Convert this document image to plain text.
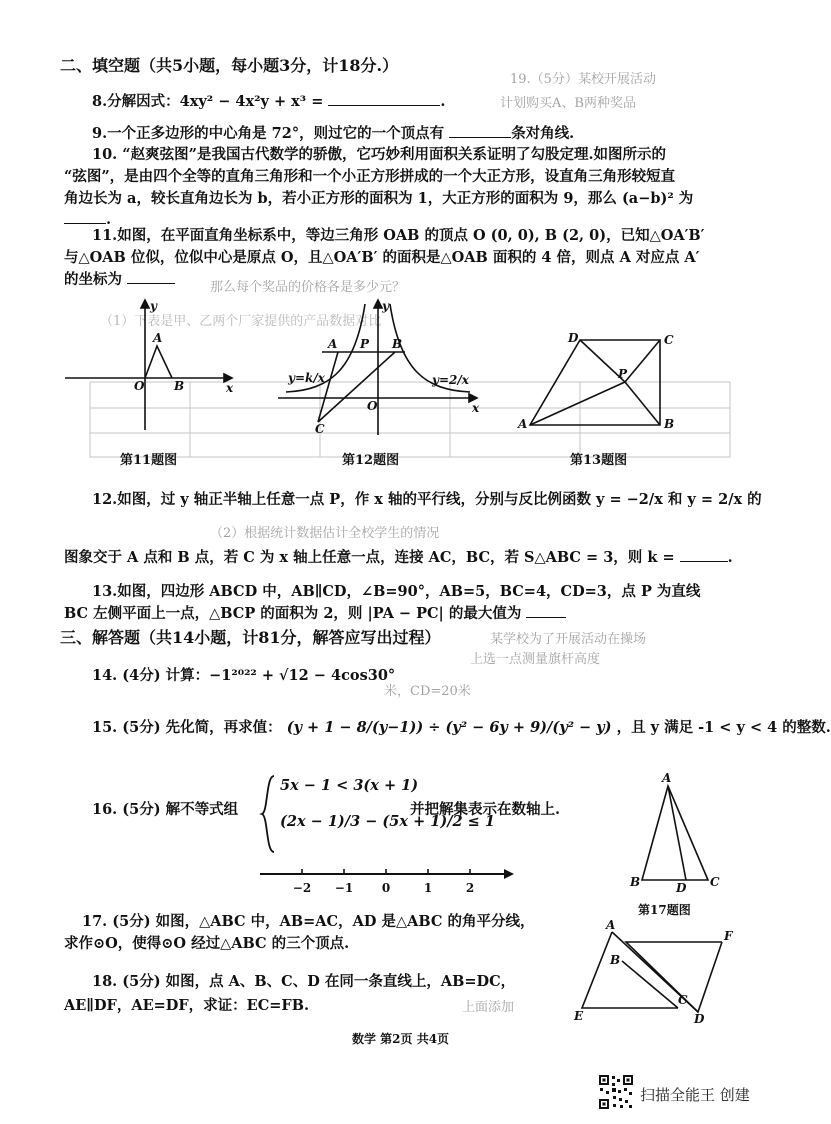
二、填空题（共5小题，每小题3分，计18分.）
19.（5分）某校开展活动
计划购买A、B两种奖品
8.分解因式：4xy² − 4x²y + x³ =	.
9.一个正多边形的中心角是 72°，则过它的一个顶点有	条对角线.
10. “赵爽弦图”是我国古代数学的骄傲，它巧妙利用面积关系证明了勾股定理.如图所示的
“弦图”，是由四个全等的直角三角形和一个小正方形拼成的一个大正方形，设直角三角形较短直
角边长为 a，较长直角边长为 b，若小正方形的面积为 1，大正方形的面积为 9，那么 (a−b)² 为
.
11.如图，在平面直角坐标系中，等边三角形 OAB 的顶点 O (0, 0), B (2, 0)，已知△OA′B′
与△OAB 位似，位似中心是原点 O，且△OA′B′ 的面积是△OAB 面积的 4 倍，则点 A 对应点 A′
的坐标为	那么每个奖品的价格各是多少元？
（1）下表是甲、乙两个厂家提供的产品数据对比
A
O B	x
y
第11题图
A P B
C
O	x
y
y=k/x	y=2/x
第12题图
D	C
P
A	B
第13题图
12.如图，过 y 轴正半轴上任意一点 P，作 x 轴的平行线，分别与反比例函数 y = −2/x 和 y = 2/x 的
（2）根据统计数据估计全校学生的情况
图象交于 A 点和 B 点，若 C 为 x 轴上任意一点，连接 AC，BC，若 S△ABC = 3，则 k =	.
13.如图，四边形 ABCD 中，AB∥CD，∠B=90°，AB=5，BC=4，CD=3，点 P 为直线
BC 左侧平面上一点，△BCP 的面积为 2，则 |PA − PC| 的最大值为
三、解答题（共14小题，计81分，解答应写出过程）	某学校为了开展活动在操场
上选一点测量旗杆高度
14. (4分) 计算：−1²⁰²² + √12 − 4cos30°
米，CD=20米
15. (5分) 先化简，再求值： (y + 1 − 8/(y−1)) ÷ (y² − 6y + 9)/(y² − y) ，且 y 满足 -1 < y < 4 的整数.
16. (5分) 解不等式组
5x − 1 < 3(x + 1)
(2x − 1)/3 − (5x + 1)/2 ≤ 1
并把解集表示在数轴上.
−2 −1 0	1	2
A
B	D C
第17题图
17. (5分) 如图，△ABC 中，AB=AC，AD 是△ABC 的角平分线，
求作⊙O，使得⊙O 经过△ABC 的三个顶点.
18. (5分) 如图，点 A、B、C、D 在同一条直线上，AB=DC，
AE∥DF，AE=DF，求证：EC=FB.	上面添加
A
F
B
E
C
D
数学 第2页 共4页
扫描全能王 创建
